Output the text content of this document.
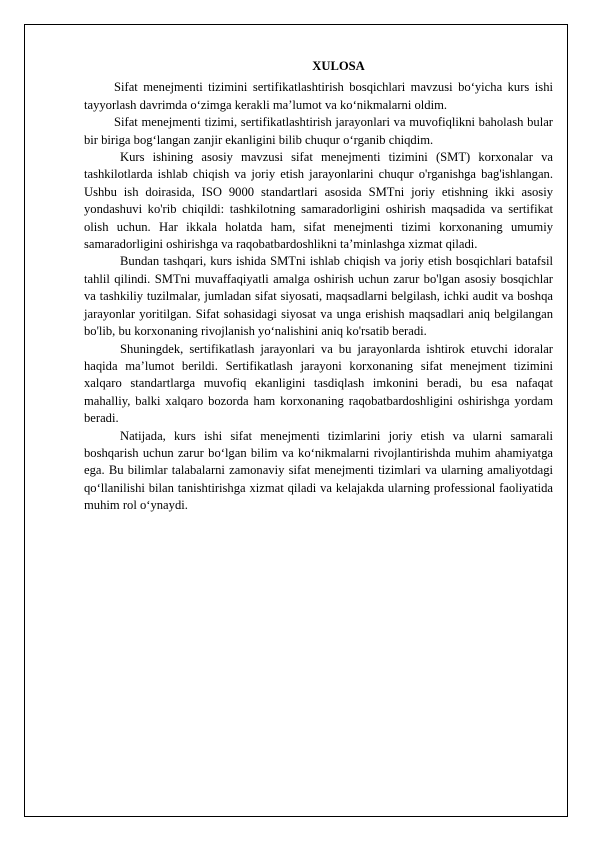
XULOSA

Sifat menejmenti tizimini sertifikatlashtirish bosqichlari mavzusi bo‘yicha kurs ishi tayyorlash davrimda o‘zimga kerakli ma’lumot va ko‘nikmalarni oldim.

Sifat menejmenti tizimi, sertifikatlashtirish jarayonlari va muvofiqlikni baholash bular bir biriga bog‘langan zanjir ekanligini bilib chuqur o‘rganib chiqdim.

Kurs ishining asosiy mavzusi sifat menejmenti tizimini (SMT) korxonalar va tashkilotlarda ishlab chiqish va joriy etish jarayonlarini chuqur o'rganishga bag'ishlangan. Ushbu ish doirasida, ISO 9000 standartlari asosida SMTni joriy etishning ikki asosiy yondashuvi ko'rib chiqildi: tashkilotning samaradorligini oshirish maqsadida va sertifikat olish uchun. Har ikkala holatda ham, sifat menejmenti tizimi korxonaning umumiy samaradorligini oshirishga va raqobatbardoshlikni ta’minlashga xizmat qiladi.

Bundan tashqari, kurs ishida SMTni ishlab chiqish va joriy etish bosqichlari batafsil tahlil qilindi. SMTni muvaffaqiyatli amalga oshirish uchun zarur bo'lgan asosiy bosqichlar va tashkiliy tuzilmalar, jumladan sifat siyosati, maqsadlarni belgilash, ichki audit va boshqa jarayonlar yoritilgan. Sifat sohasidagi siyosat va unga erishish maqsadlari aniq belgilangan bo'lib, bu korxonaning rivojlanish yo‘nalishini aniq ko'rsatib beradi.

Shuningdek, sertifikatlash jarayonlari va bu jarayonlarda ishtirok etuvchi idoralar haqida ma’lumot berildi. Sertifikatlash jarayoni korxonaning sifat menejment tizimini xalqaro standartlarga muvofiq ekanligini tasdiqlash imkonini beradi, bu esa nafaqat mahalliy, balki xalqaro bozorda ham korxonaning raqobatbardoshligini oshirishga yordam beradi.

Natijada, kurs ishi sifat menejmenti tizimlarini joriy etish va ularni samarali boshqarish uchun zarur bo‘lgan bilim va ko‘nikmalarni rivojlantirishda muhim ahamiyatga ega. Bu bilimlar talabalarni zamonaviy sifat menejmenti tizimlari va ularning amaliyotdagi qo‘llanilishi bilan tanishtirishga xizmat qiladi va kelajakda ularning professional faoliyatida muhim rol o‘ynaydi.
